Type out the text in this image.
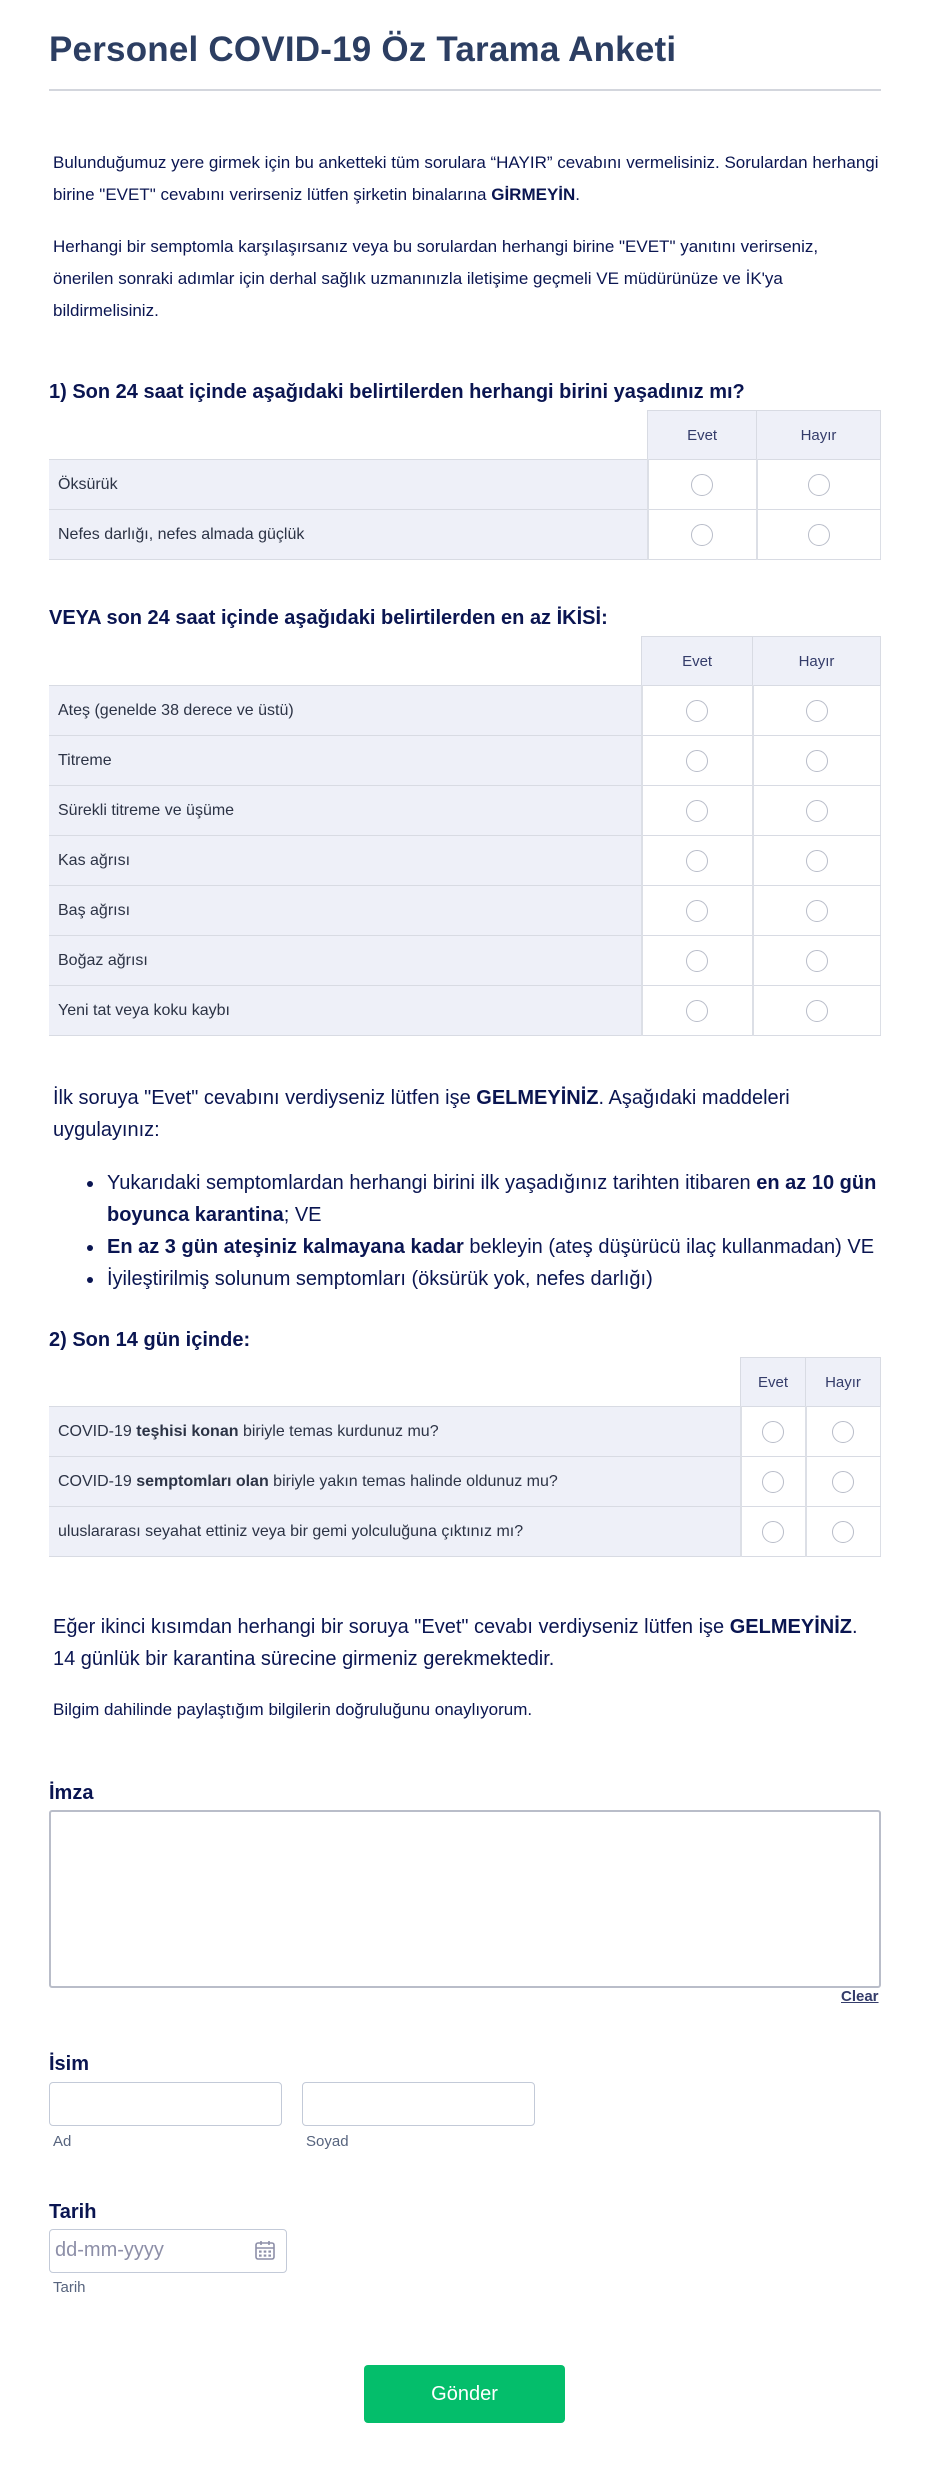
Personel COVID-19 Öz Tarama Anketi
Bulunduğumuz yere girmek için bu anketteki tüm sorulara “HAYIR” cevabını vermelisiniz. Sorulardan herhangi birine "EVET" cevabını verirseniz lütfen şirketin binalarına GİRMEYİN.
Herhangi bir semptomla karşılaşırsanız veya bu sorulardan herhangi birine "EVET" yanıtını verirseniz, önerilen sonraki adımlar için derhal sağlık uzmanınızla iletişime geçmeli VE müdürünüze ve İK'ya bildirmelisiniz.
1) Son 24 saat içinde aşağıdaki belirtilerden herhangi birini yaşadınız mı?
	Evet	Hayır
Öksürük		
Nefes darlığı, nefes almada güçlük		
VEYA son 24 saat içinde aşağıdaki belirtilerden en az İKİSİ:
	Evet	Hayır
Ateş (genelde 38 derece ve üstü)		
Titreme		
Sürekli titreme ve üşüme		
Kas ağrısı		
Baş ağrısı		
Boğaz ağrısı		
Yeni tat veya koku kaybı		
İlk soruya "Evet" cevabını verdiyseniz lütfen işe GELMEYİNİZ. Aşağıdaki maddeleri uygulayınız:
• Yukarıdaki semptomlardan herhangi birini ilk yaşadığınız tarihten itibaren en az 10 gün boyunca karantina; VE
• En az 3 gün ateşiniz kalmayana kadar bekleyin (ateş düşürücü ilaç kullanmadan) VE
• İyileştirilmiş solunum semptomları (öksürük yok, nefes darlığı)
2) Son 14 gün içinde:
	Evet	Hayır
COVID-19 teşhisi konan biriyle temas kurdunuz mu?		
COVID-19 semptomları olan biriyle yakın temas halinde oldunuz mu?		
uluslararası seyahat ettiniz veya bir gemi yolculuğuna çıktınız mı?		
Eğer ikinci kısımdan herhangi bir soruya "Evet" cevabı verdiyseniz lütfen işe GELMEYİNİZ. 14 günlük bir karantina sürecine girmeniz gerekmektedir.
Bilgim dahilinde paylaştığım bilgilerin doğruluğunu onaylıyorum.
İmza
Clear
İsim
Ad	Soyad
Tarih
dd-mm-yyyy
Tarih
Gönder
